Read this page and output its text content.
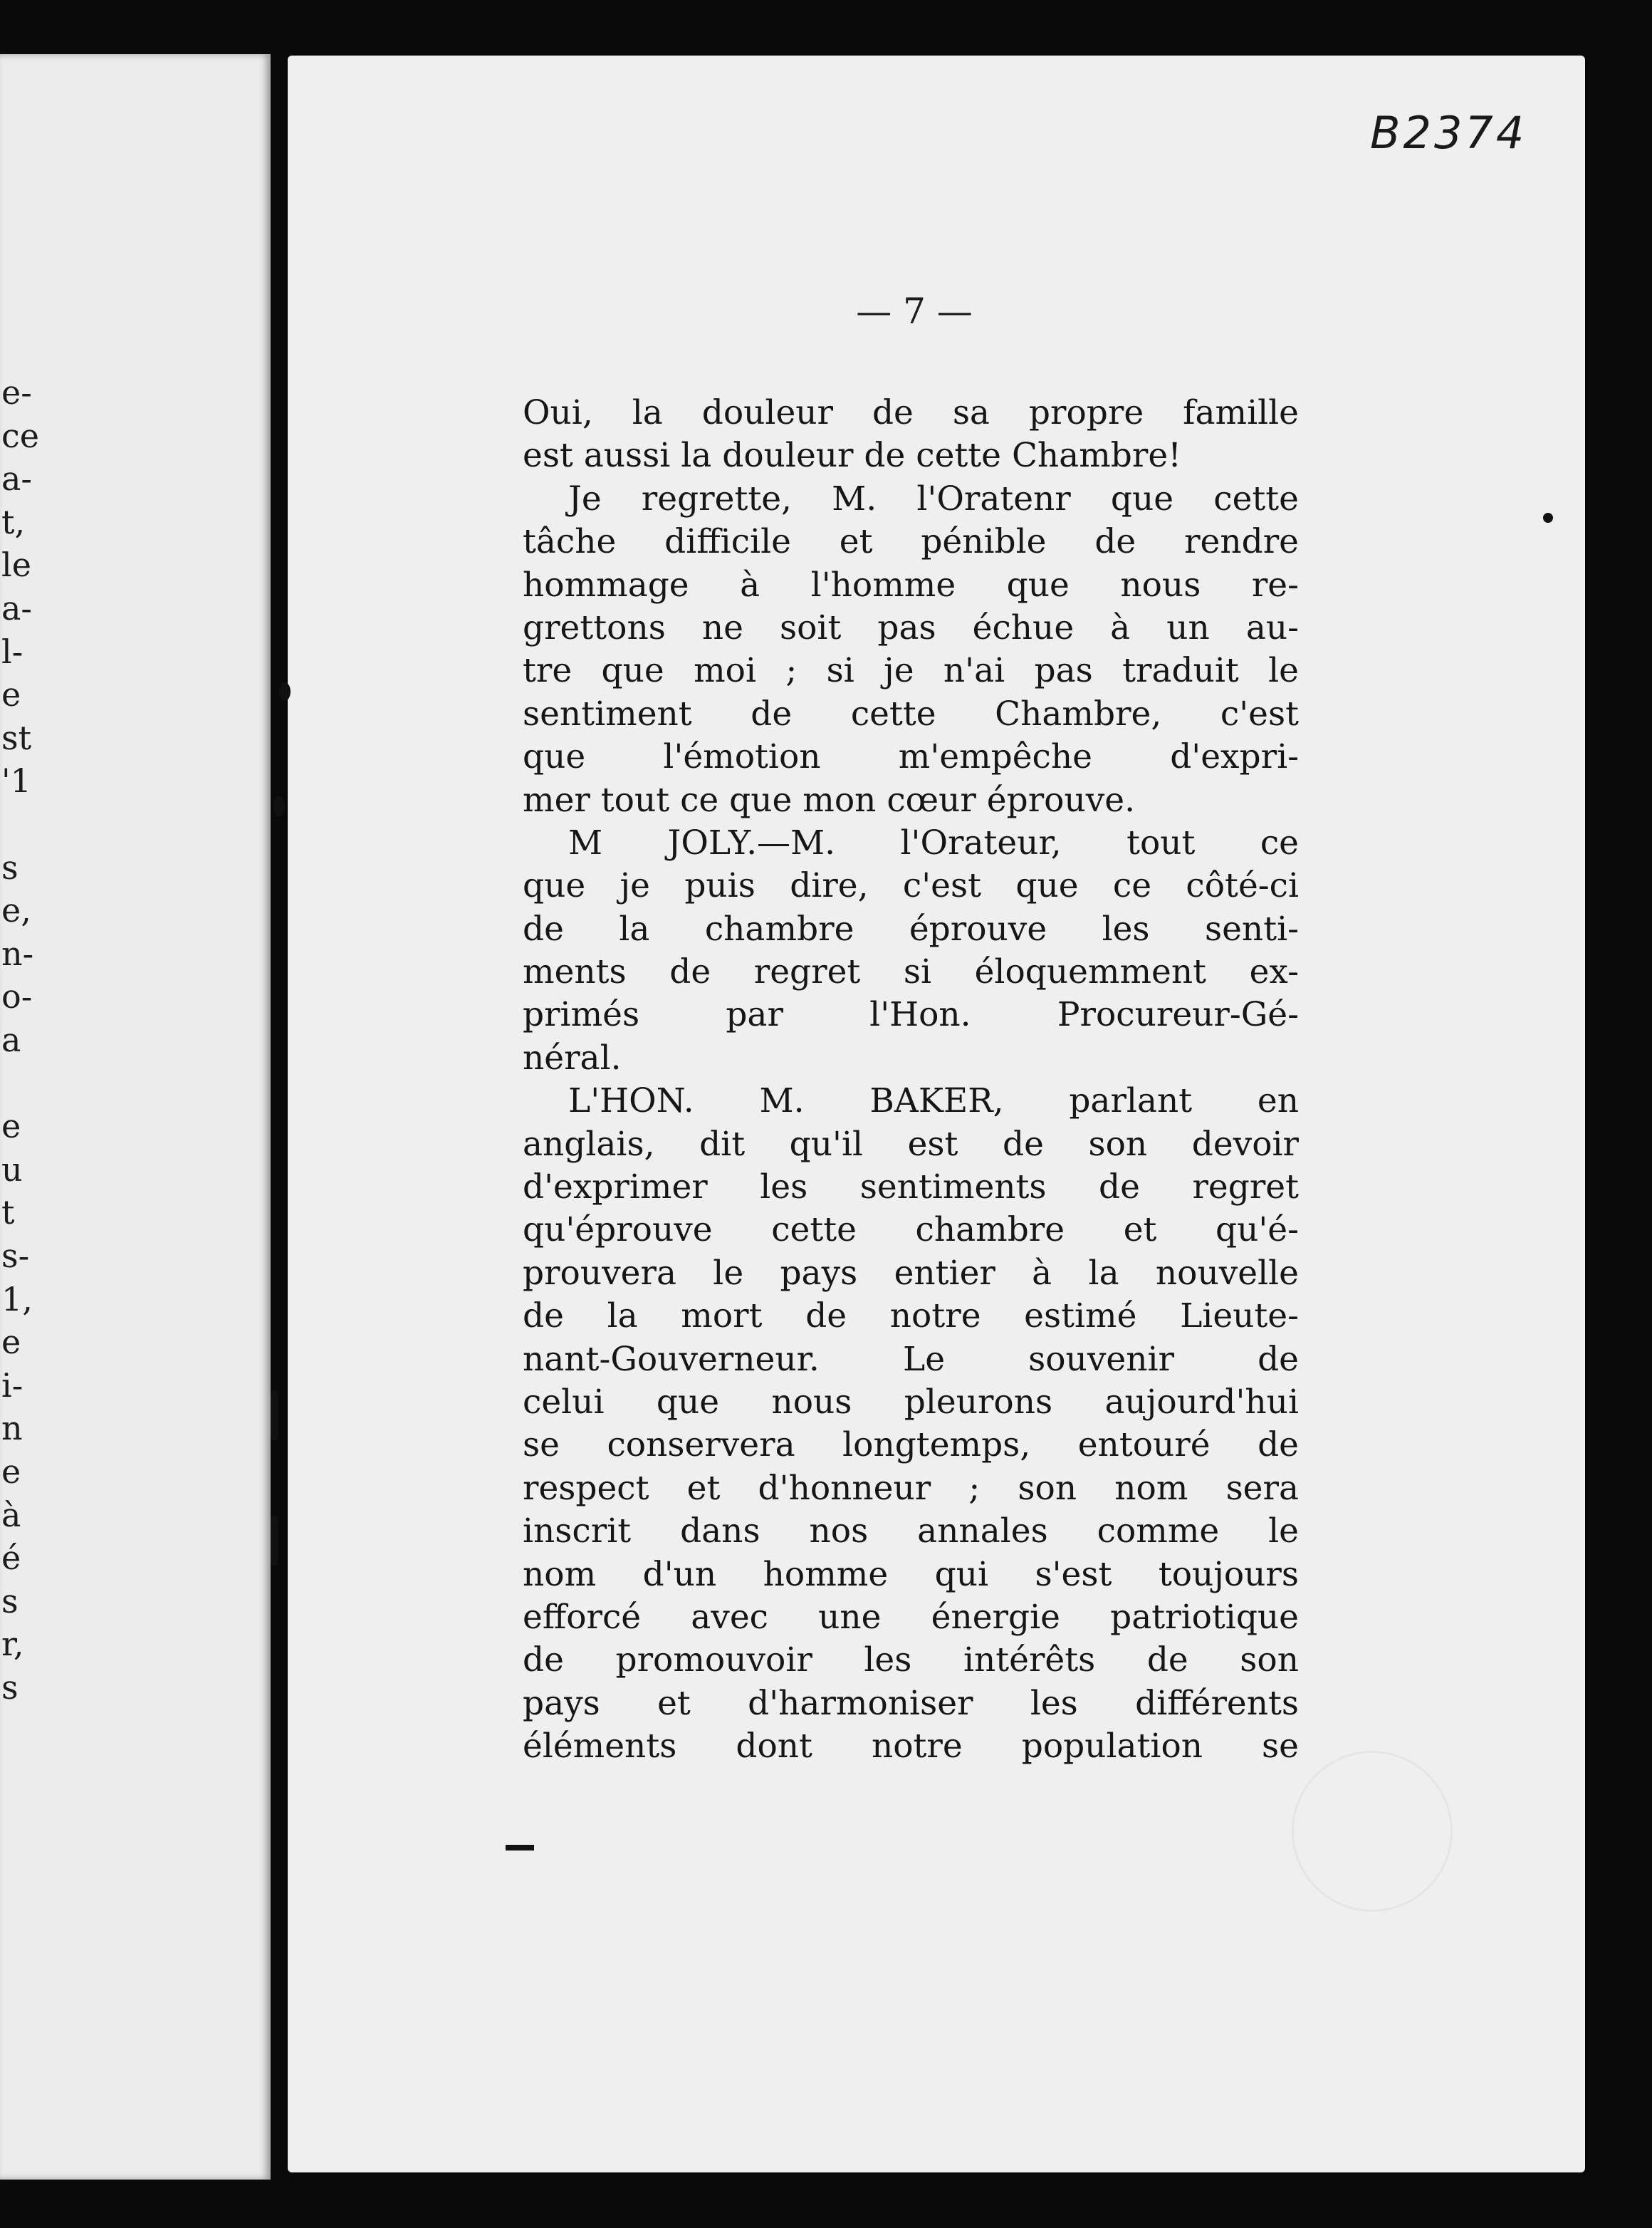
e-
ce
a-
t,
le
a-
l-
e
st
'1
s
e,
n-
o-
a
e
u
t
s-
1,
e
i-
n
e
à
é
s
r,
s
B2374
— 7 —
Oui, la douleur de sa propre famille
est aussi la douleur de cette Chambre!
Je regrette, M. l'Oratenr que cette
tâche difficile et pénible de rendre
hommage à l'homme que nous re-
grettons ne soit pas échue à un au-
tre que moi ; si je n'ai pas traduit le
sentiment de cette Chambre, c'est
que l'émotion m'empêche d'expri-
mer tout ce que mon cœur éprouve.
M JOLY.—M. l'Orateur, tout ce
que je puis dire, c'est que ce côté-ci
de la chambre éprouve les senti-
ments de regret si éloquemment ex-
primés par l'Hon. Procureur-Gé-
néral.
L'HON. M. BAKER, parlant en
anglais, dit qu'il est de son devoir
d'exprimer les sentiments de regret
qu'éprouve cette chambre et qu'é-
prouvera le pays entier à la nouvelle
de la mort de notre estimé Lieute-
nant-Gouverneur. Le souvenir de
celui que nous pleurons aujourd'hui
se conservera longtemps, entouré de
respect et d'honneur ; son nom sera
inscrit dans nos annales comme le
nom d'un homme qui s'est toujours
efforcé avec une énergie patriotique
de promouvoir les intérêts de son
pays et d'harmoniser les différents
éléments dont notre population se
